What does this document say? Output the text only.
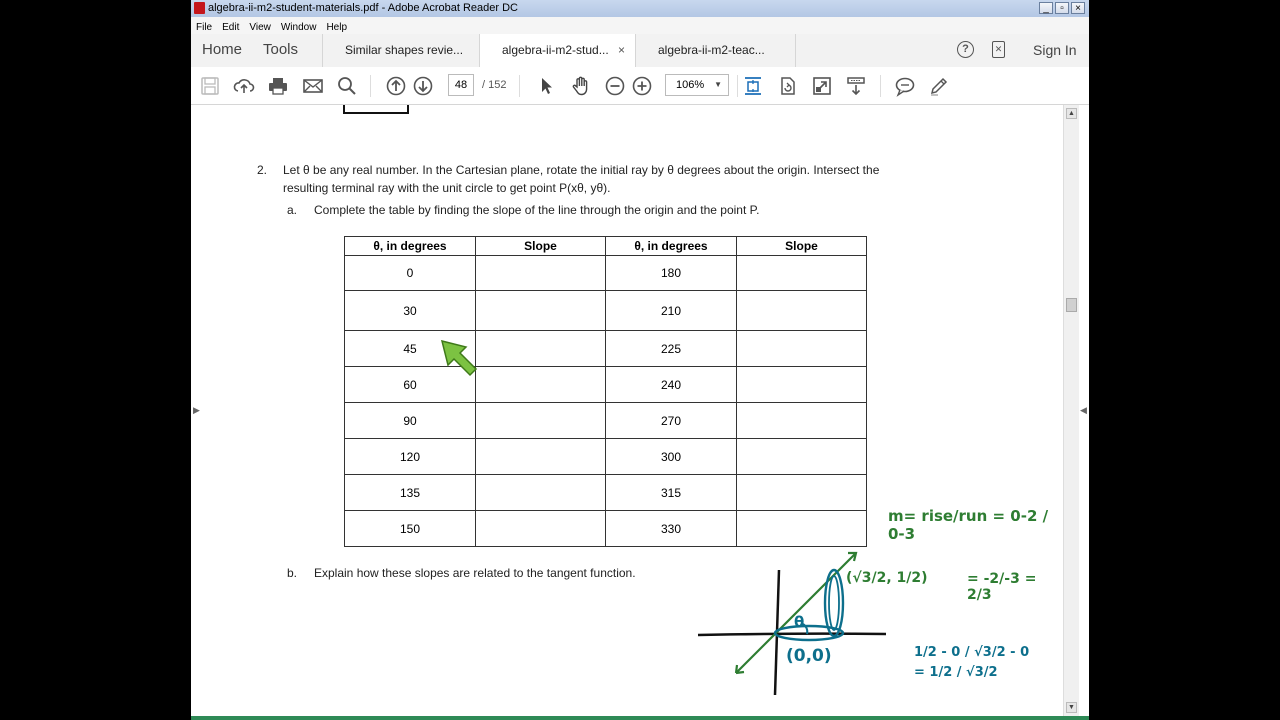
algebra-ii-m2-student-materials.pdf - Adobe Acrobat Reader DC	_	▫	×
File Edit View Window Help
Home Tools	Similar shapes revie...	algebra-ii-m2-stud... ×	algebra-ii-m2-teac...	?	✕ Sign In
48	/ 152	106% ▼
2. Let θ be any real number. In the Cartesian plane, rotate the initial ray by θ degrees about the origin. Intersect the
resulting terminal ray with the unit circle to get point P(xθ, yθ).
a. Complete the table by finding the slope of the line through the origin and the point P.
θ, in degrees	Slope	θ, in degrees	Slope
0		180	
30		210	
45		225	
60		240	
90		270	
120		300	
135		315	
150		330	
b. Explain how these slopes are related to the tangent function.
θ
(0,0)
(√3/2, 1/2)
m= rise/run = 0-2 / 0-3
= -2/-3 = 2/3
1/2 - 0 / √3/2 - 0 = 1/2 / √3/2
▲
▼
▶	◀
